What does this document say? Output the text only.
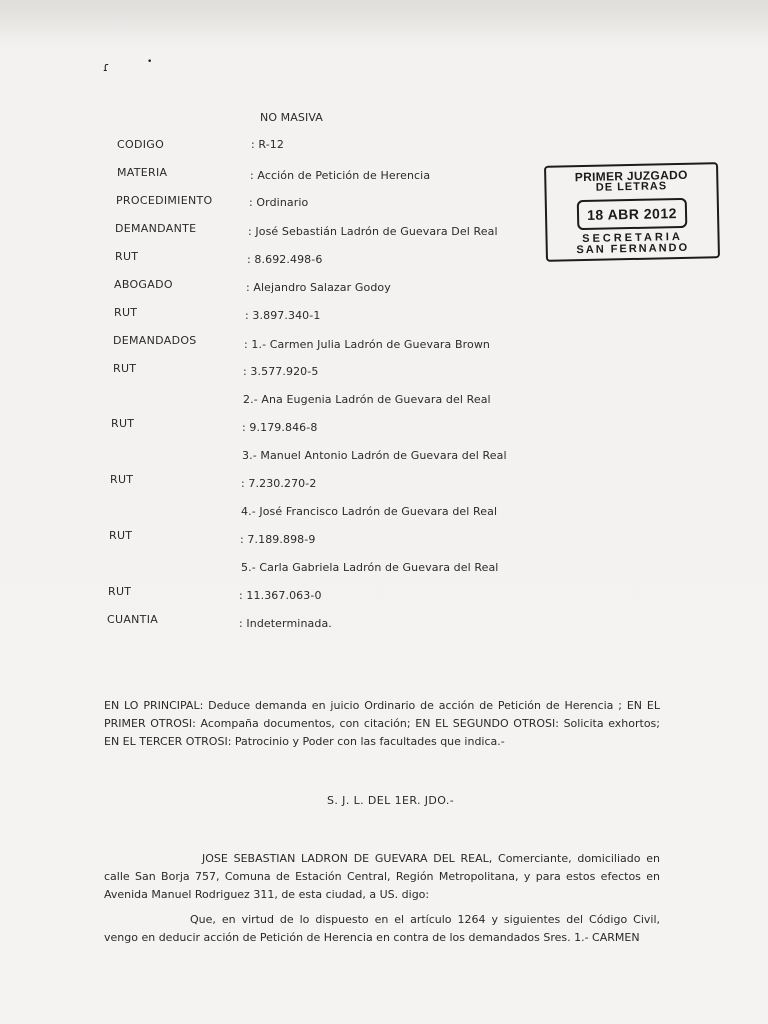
ɾ	•
NO MASIVA
CODIGO	: R-12
MATERIA	: Acción de Petición de Herencia
PROCEDIMIENTO	: Ordinario
DEMANDANTE	: José Sebastián Ladrón de Guevara Del Real
RUT	: 8.692.498-6
ABOGADO	: Alejandro Salazar Godoy
RUT	: 3.897.340-1
DEMANDADOS	: 1.- Carmen Julia Ladrón de Guevara Brown
RUT	: 3.577.920-5
2.- Ana Eugenia Ladrón de Guevara del Real
RUT	: 9.179.846-8
3.- Manuel Antonio Ladrón de Guevara del Real
RUT	: 7.230.270-2
4.- José Francisco Ladrón de Guevara del Real
RUT	: 7.189.898-9
5.- Carla Gabriela Ladrón de Guevara del Real
RUT	: 11.367.063-0
CUANTIA	: Indeterminada.
PRIMER JUZGADO
DE LETRAS
18 ABR 2012
SECRETARIA
SAN FERNANDO
EN LO PRINCIPAL: Deduce demanda en juicio Ordinario de acción de Petición de Herencia ; EN EL PRIMER OTROSI: Acompaña documentos, con citación; EN EL SEGUNDO OTROSI: Solicita exhortos; EN EL TERCER OTROSI: Patrocinio y Poder con las facultades que indica.-
S. J. L. DEL 1ER. JDO.-
JOSE SEBASTIAN LADRON DE GUEVARA DEL REAL, Comerciante, domiciliado en calle San Borja 757, Comuna de Estación Central, Región Metropolitana, y para estos efectos en Avenida Manuel Rodriguez 311, de esta ciudad, a US. digo:
Que, en virtud de lo dispuesto en el artículo 1264 y siguientes del Código Civil, vengo en deducir acción de Petición de Herencia en contra de los demandados Sres. 1.- CARMEN
